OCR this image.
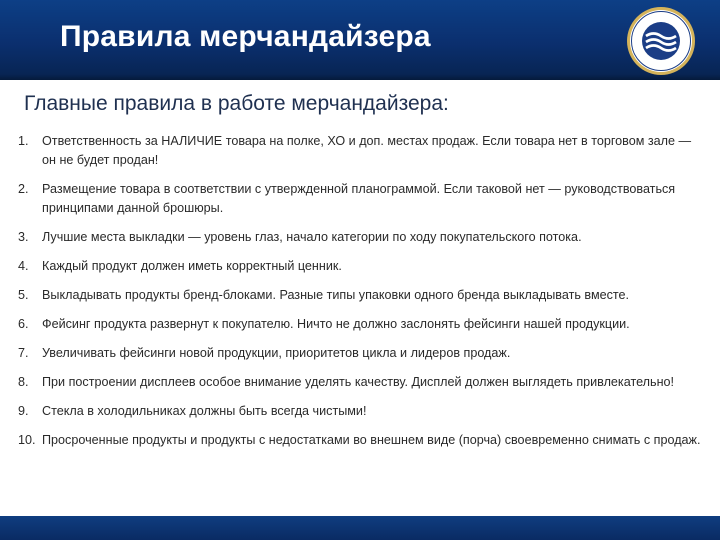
Правила мерчандайзера
Главные правила в работе мерчандайзера:
1.	Ответственность за НАЛИЧИЕ товара на полке, ХО и доп. местах продаж. Если товара нет в торговом зале — он не будет продан!
2.	Размещение товара в соответствии с утвержденной планограммой. Если таковой нет — руководствоваться принципами данной брошюры.
3.	Лучшие места выкладки — уровень глаз, начало категории по ходу покупательского потока.
4.	Каждый продукт должен иметь корректный ценник.
5.	Выкладывать продукты бренд-блоками. Разные типы упаковки одного бренда выкладывать вместе.
6.	Фейсинг продукта развернут к покупателю. Ничто не должно заслонять фейсинги нашей продукции.
7.	Увеличивать фейсинги новой продукции, приоритетов цикла и лидеров продаж.
8.	При построении дисплеев особое внимание уделять качеству. Дисплей должен выглядеть привлекательно!
9.	Стекла в холодильниках должны быть всегда чистыми!
10. Просроченные продукты и продукты с недостатками во внешнем виде (порча) своевременно снимать с продаж.
